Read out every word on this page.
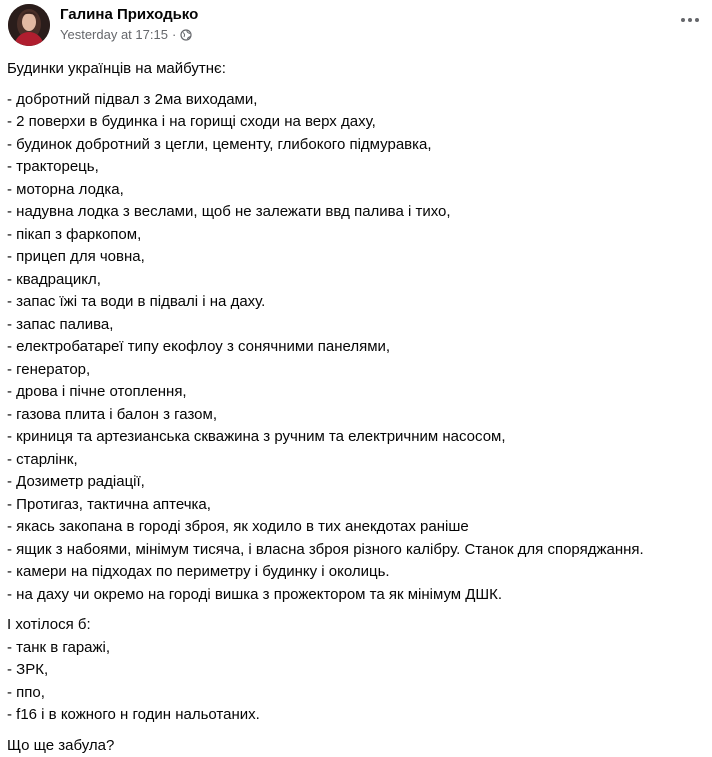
Галина Приходько
Yesterday at 17:15 ·
Будинки українців на майбутнє:
- добротний підвал з 2ма виходами,
- 2 поверхи в будинка і на горищі сходи на верх даху,
- будинок добротний з цегли, цементу, глибокого підмуравка,
- тракторець,
- моторна лодка,
- надувна лодка з веслами, щоб не залежати ввд палива і тихо,
- пікап з фаркопом,
- прицеп для човна,
- квадрацикл,
- запас їжі та води в підвалі і на даху.
- запас палива,
- електробатареї типу екофлоу з сонячними панелями,
- генератор,
- дрова і пічне отоплення,
- газова плита і балон з газом,
- криниця та артезианська скважина з ручним та електричним насосом,
- старлінк,
- Дозиметр радіації,
- Протигаз, тактична аптечка,
- якась закопана в городі зброя, як ходило в тих анекдотах раніше
- ящик з набоями, мінімум тисяча, і власна зброя різного калібру. Станок для споряджання.
- камери на підходах по периметру і будинку і околиць.
- на даху чи окремо на городі вишка з прожектором та як мінімум ДШК.
І хотілося б:
- танк в гаражі,
- ЗРК,
- ппо,
- f16 і в кожного н годин нальотаних.
Що ще забула?
